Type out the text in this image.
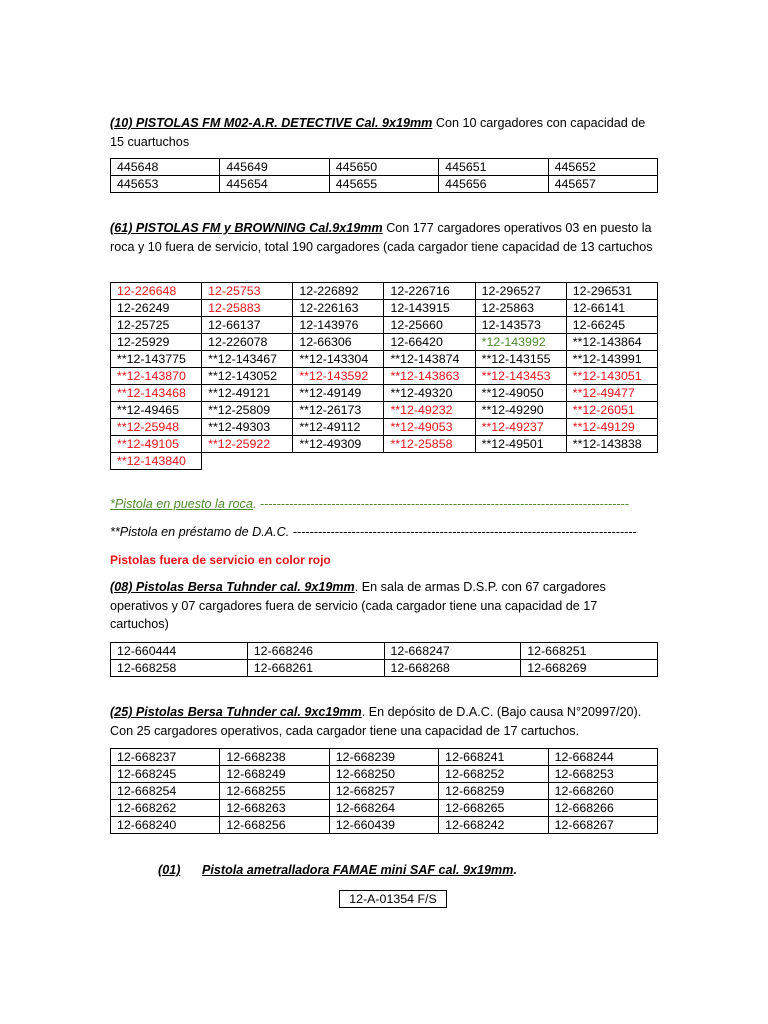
(10) PISTOLAS FM M02-A.R. DETECTIVE Cal. 9x19mm Con 10 cargadores con capacidad de 15 cuartuchos
445648	445649	445650	445651	445652
445653	445654	445655	445656	445657
(61) PISTOLAS FM y BROWNING Cal.9x19mm Con 177 cargadores operativos 03 en puesto la roca y 10 fuera de servicio, total 190 cargadores (cada cargador tiene capacidad de 13 cartuchos
12-226648	12-25753	12-226892	12-226716	12-296527	12-296531
12-26249	12-25883	12-226163	12-143915	12-25863	12-66141
12-25725	12-66137	12-143976	12-25660	12-143573	12-66245
12-25929	12-226078	12-66306	12-66420	*12-143992	**12-143864
**12-143775	**12-143467	**12-143304	**12-143874	**12-143155	**12-143991
**12-143870	**12-143052	**12-143592	**12-143863	**12-143453	**12-143051
**12-143468	**12-49121	**12-49149	**12-49320	**12-49050	**12-49477
**12-49465	**12-25809	**12-26173	**12-49232	**12-49290	**12-26051
**12-25948	**12-49303	**12-49112	**12-49053	**12-49237	**12-49129
**12-49105	**12-25922	**12-49309	**12-25858	**12-49501	**12-143838
**12-143840					
*Pistola en puesto la roca. ----------------------------------------------------------------------------------------
**Pistola en préstamo de D.A.C. ----------------------------------------------------------------------------------
Pistolas fuera de servicio en color rojo
(08) Pistolas Bersa Tuhnder cal. 9x19mm. En sala de armas D.S.P. con 67 cargadores operativos y 07 cargadores fuera de servicio (cada cargador tiene una capacidad de 17 cartuchos)
12-660444	12-668246	12-668247	12-668251
12-668258	12-668261	12-668268	12-668269
(25) Pistolas Bersa Tuhnder cal. 9xc19mm. En depósito de D.A.C. (Bajo causa N°20997/20). Con 25 cargadores operativos, cada cargador tiene una capacidad de 17 cartuchos.
12-668237	12-668238	12-668239	12-668241	12-668244
12-668245	12-668249	12-668250	12-668252	12-668253
12-668254	12-668255	12-668257	12-668259	12-668260
12-668262	12-668263	12-668264	12-668265	12-668266
12-668240	12-668256	12-660439	12-668242	12-668267
(01) Pistola ametralladora FAMAE mini SAF cal. 9x19mm.
12-A-01354 F/S
